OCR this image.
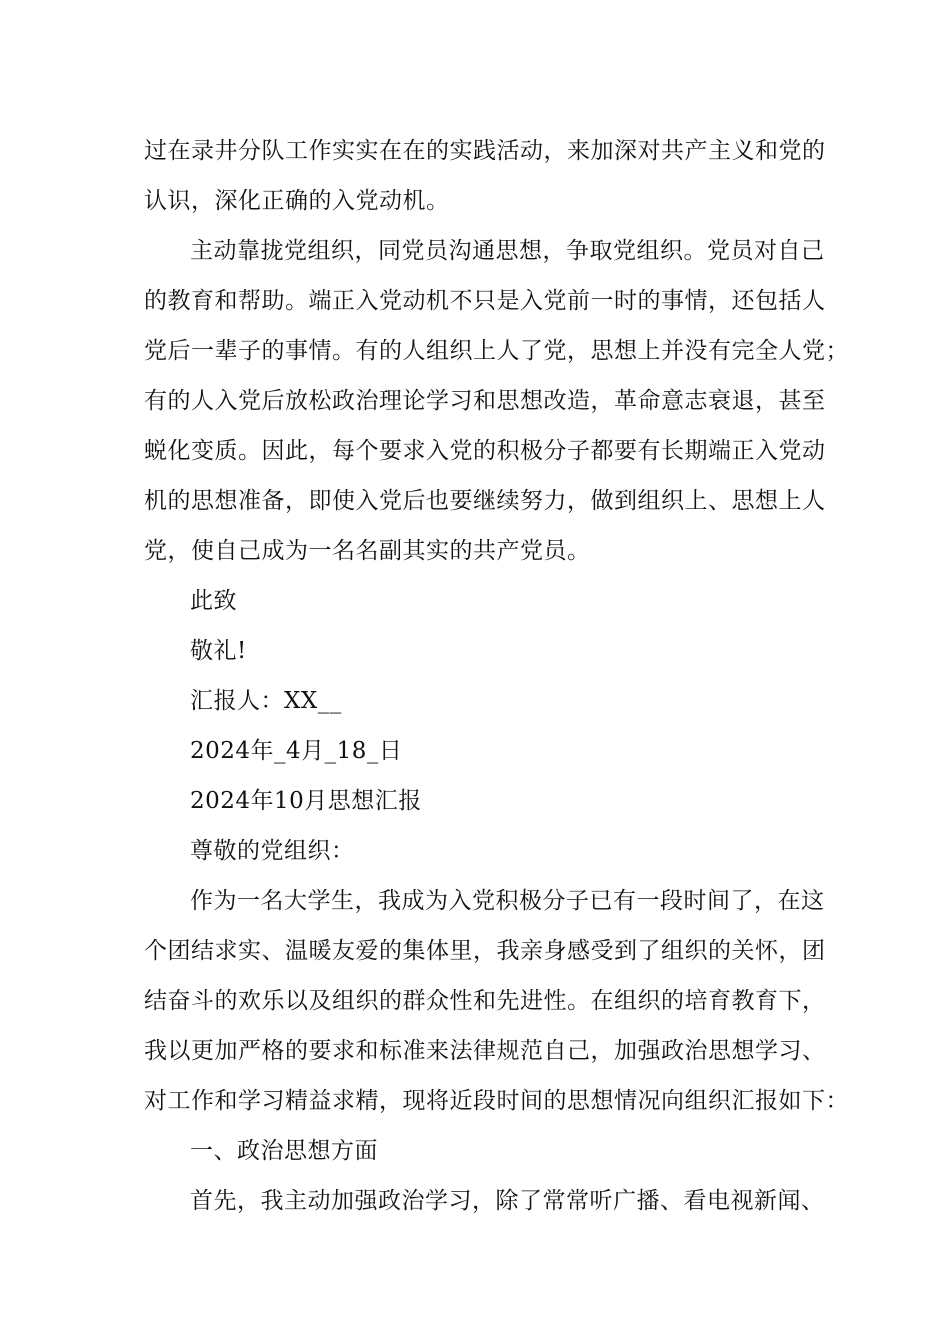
过在录井分队工作实实在在的实践活动，来加深对共产主义和党的
认识，深化正确的入党动机。
主动靠拢党组织，同党员沟通思想，争取党组织。党员对自己
的教育和帮助。端正入党动机不只是入党前一时的事情，还包括人
党后一辈子的事情。有的人组织上人了党，思想上并没有完全人党；
有的人入党后放松政治理论学习和思想改造，革命意志衰退，甚至
蜕化变质。因此，每个要求入党的积极分子都要有长期端正入党动
机的思想准备，即使入党后也要继续努力，做到组织上、思想上人
党，使自己成为一名名副其实的共产党员。
此致
敬礼!
汇报人：XX__
2024年_4月_18_日
2024年10月思想汇报
尊敬的党组织：
作为一名大学生，我成为入党积极分子已有一段时间了，在这
个团结求实、温暖友爱的集体里，我亲身感受到了组织的关怀，团
结奋斗的欢乐以及组织的群众性和先进性。在组织的培育教育下，
我以更加严格的要求和标准来法律规范自己，加强政治思想学习、
对工作和学习精益求精，现将近段时间的思想情况向组织汇报如下：
一、政治思想方面
首先，我主动加强政治学习，除了常常听广播、看电视新闻、
